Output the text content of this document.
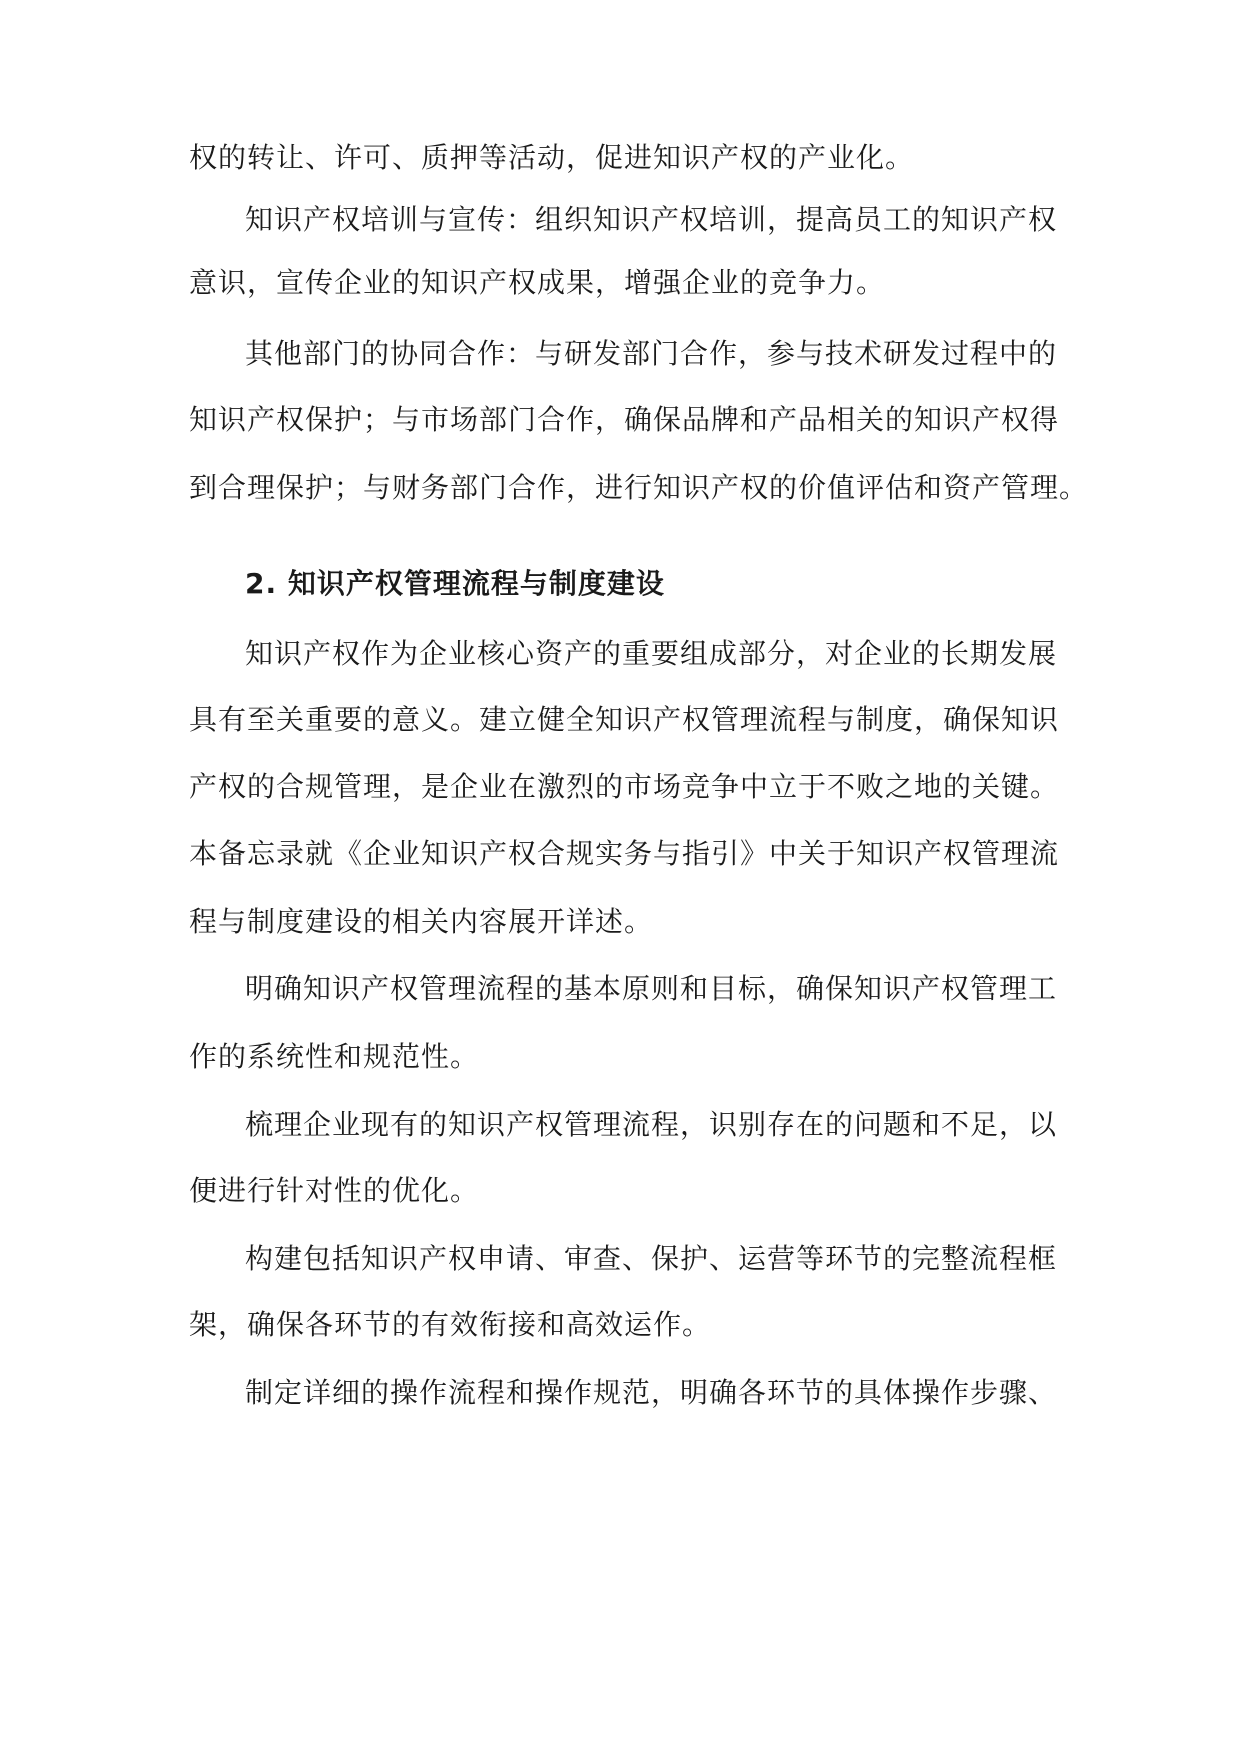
权的转让、许可、质押等活动，促进知识产权的产业化。

知识产权培训与宣传：组织知识产权培训，提高员工的知识产权

意识，宣传企业的知识产权成果，增强企业的竞争力。

其他部门的协同合作：与研发部门合作，参与技术研发过程中的

知识产权保护；与市场部门合作，确保品牌和产品相关的知识产权得

到合理保护；与财务部门合作，进行知识产权的价值评估和资产管理。

2. 知识产权管理流程与制度建设

知识产权作为企业核心资产的重要组成部分，对企业的长期发展

具有至关重要的意义。建立健全知识产权管理流程与制度，确保知识

产权的合规管理，是企业在激烈的市场竞争中立于不败之地的关键。

本备忘录就《企业知识产权合规实务与指引》中关于知识产权管理流

程与制度建设的相关内容展开详述。

明确知识产权管理流程的基本原则和目标，确保知识产权管理工

作的系统性和规范性。

梳理企业现有的知识产权管理流程，识别存在的问题和不足，以

便进行针对性的优化。

构建包括知识产权申请、审查、保护、运营等环节的完整流程框

架，确保各环节的有效衔接和高效运作。

制定详细的操作流程和操作规范，明确各环节的具体操作步骤、
